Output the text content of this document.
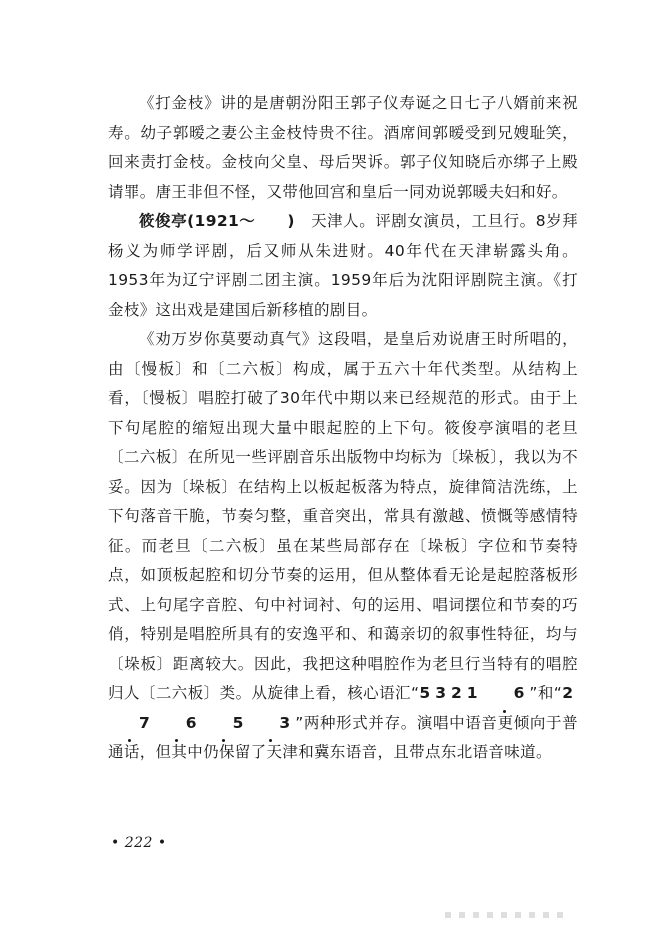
《打金枝》讲的是唐朝汾阳王郭子仪寿诞之日七子八婿前来祝寿。幼子郭暧之妻公主金枝恃贵不往。酒席间郭暧受到兄嫂耻笑，回来责打金枝。金枝向父皇、母后哭诉。郭子仪知晓后亦绑子上殿请罪。唐王非但不怪，又带他回宫和皇后一同劝说郭暖夫妇和好。

筱俊亭(1921～　　)　天津人。评剧女演员，工旦行。8岁拜杨义为师学评剧，后又师从朱进财。40年代在天津崭露头角。1953年为辽宁评剧二团主演。1959年后为沈阳评剧院主演。《打金枝》这出戏是建国后新移植的剧目。

《劝万岁你莫要动真气》这段唱，是皇后劝说唐王时所唱的，由〔慢板〕和〔二六板〕构成，属于五六十年代类型。从结构上看，〔慢板〕唱腔打破了30年代中期以来已经规范的形式。由于上下句尾腔的缩短出现大量中眼起腔的上下句。筱俊亭演唱的老旦〔二六板〕在所见一些评剧音乐出版物中均标为〔垛板〕，我以为不妥。因为〔垛板〕在结构上以板起板落为特点，旋律简洁洗练，上下句落音干脆，节奏匀整，重音突出，常具有激越、愤慨等感情特征。而老旦〔二六板〕虽在某些局部存在〔垛板〕字位和节奏特点，如顶板起腔和切分节奏的运用，但从整体看无论是起腔落板形式、上句尾字音腔、句中衬词衬、句的运用、唱词摆位和节奏的巧俏，特别是唱腔所具有的安逸平和、和蔼亲切的叙事性特征，均与〔垛板〕距离较大。因此，我把这种唱腔作为老旦行当特有的唱腔归人〔二六板〕类。从旋律上看，核心语汇“5321 6”和“27 6 5 3”两种形式并存。演唱中语音更倾向于普通话，但其中仍保留了天津和冀东语音，且带点东北语音味道。

• 222 •
